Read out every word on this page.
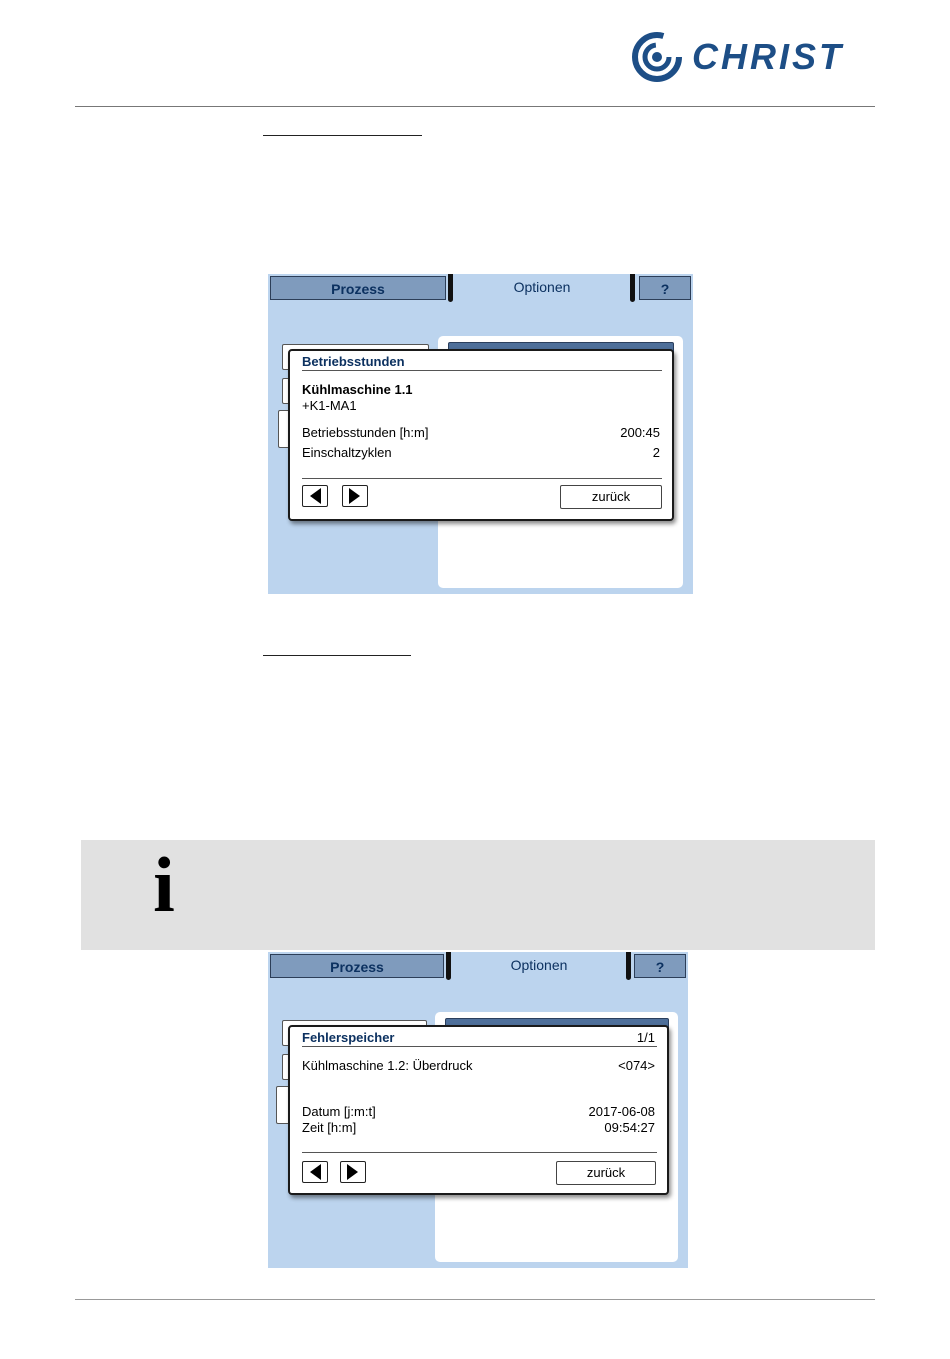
CHRIST
Prozess	Optionen	?
Betriebsstunden
Kühlmaschine 1.1
+K1-MA1
Betriebsstunden [h:m]	200:45
Einschaltzyklen	2
zurück
i
Prozess	Optionen	?
Fehlerspeicher	1/1
Kühlmaschine 1.2: Überdruck	<074>
Datum [j:m:t]	2017-06-08
Zeit [h:m]	09:54:27
zurück
